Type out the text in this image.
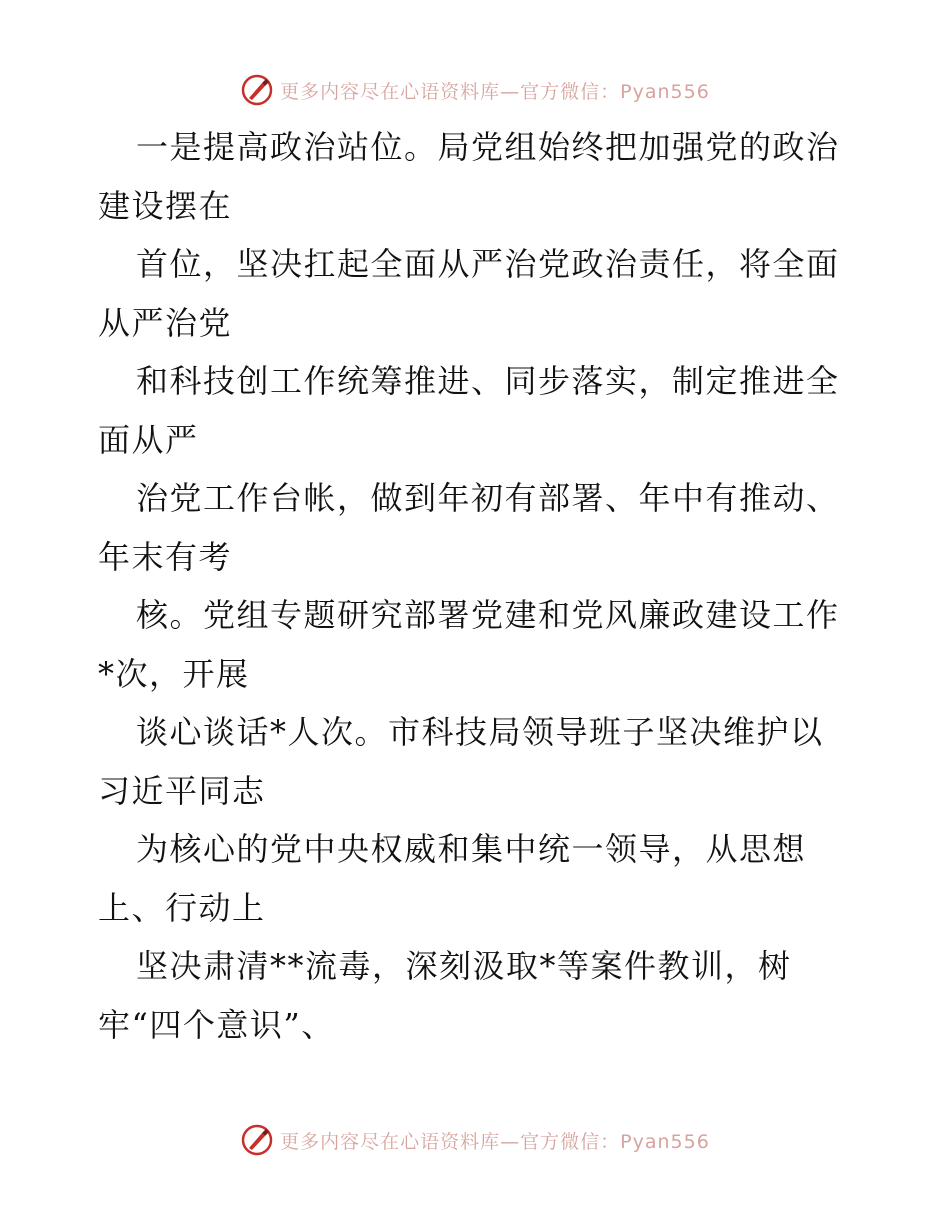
更多内容尽在心语资料库—官方微信：Pyan556
一是提高政治站位。局党组始终把加强党的政治
建设摆在
首位，坚决扛起全面从严治党政治责任，将全面
从严治党
和科技创工作统筹推进、同步落实，制定推进全
面从严
治党工作台帐，做到年初有部署、年中有推动、
年末有考
核。党组专题研究部署党建和党风廉政建设工作
*次，开展
谈心谈话*人次。市科技局领导班子坚决维护以
习近平同志
为核心的党中央权威和集中统一领导，从思想
上、行动上
坚决肃清**流毒，深刻汲取*等案件教训，树
牢“四个意识”、
更多内容尽在心语资料库—官方微信：Pyan556
